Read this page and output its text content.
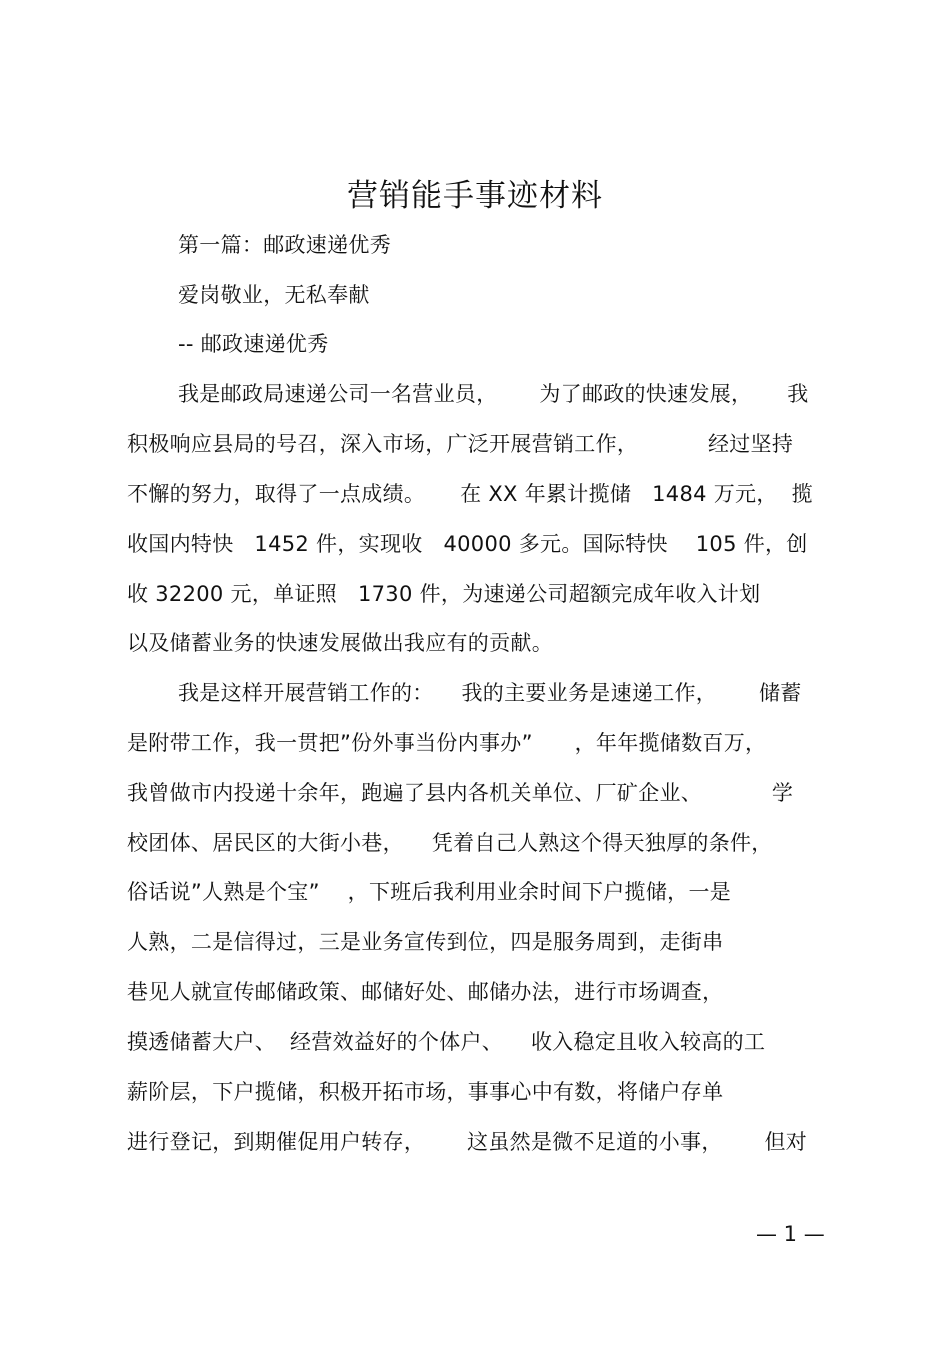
营销能手事迹材料
第一篇：邮政速递优秀
爱岗敬业，无私奉献
-- 邮政速递优秀
我是邮政局速递公司一名营业员，      为了邮政的快速发展，     我
积极响应县局的号召，深入市场，广泛开展营销工作，          经过坚持
不懈的努力，取得了一点成绩。     在 XX 年累计揽储   1484 万元，  揽
收国内特快   1452 件，实现收   40000 多元。国际特快    105 件，创
收 32200 元，单证照   1730 件，为速递公司超额完成年收入计划
以及储蓄业务的快速发展做出我应有的贡献。
我是这样开展营销工作的：    我的主要业务是速递工作，      储蓄
是附带工作，我一贯把”份外事当份内事办”      ，年年揽储数百万，
我曾做市内投递十余年，跑遍了县内各机关单位、厂矿企业、          学
校团体、居民区的大街小巷，    凭着自己人熟这个得天独厚的条件，
俗话说”人熟是个宝”    ，下班后我利用业余时间下户揽储，一是
人熟，二是信得过，三是业务宣传到位，四是服务周到，走街串
巷见人就宣传邮储政策、邮储好处、邮储办法，进行市场调查，
摸透储蓄大户、  经营效益好的个体户、    收入稳定且收入较高的工
薪阶层，下户揽储，积极开拓市场，事事心中有数，将储户存单
进行登记，到期催促用户转存，      这虽然是微不足道的小事，      但对
— 1 —
